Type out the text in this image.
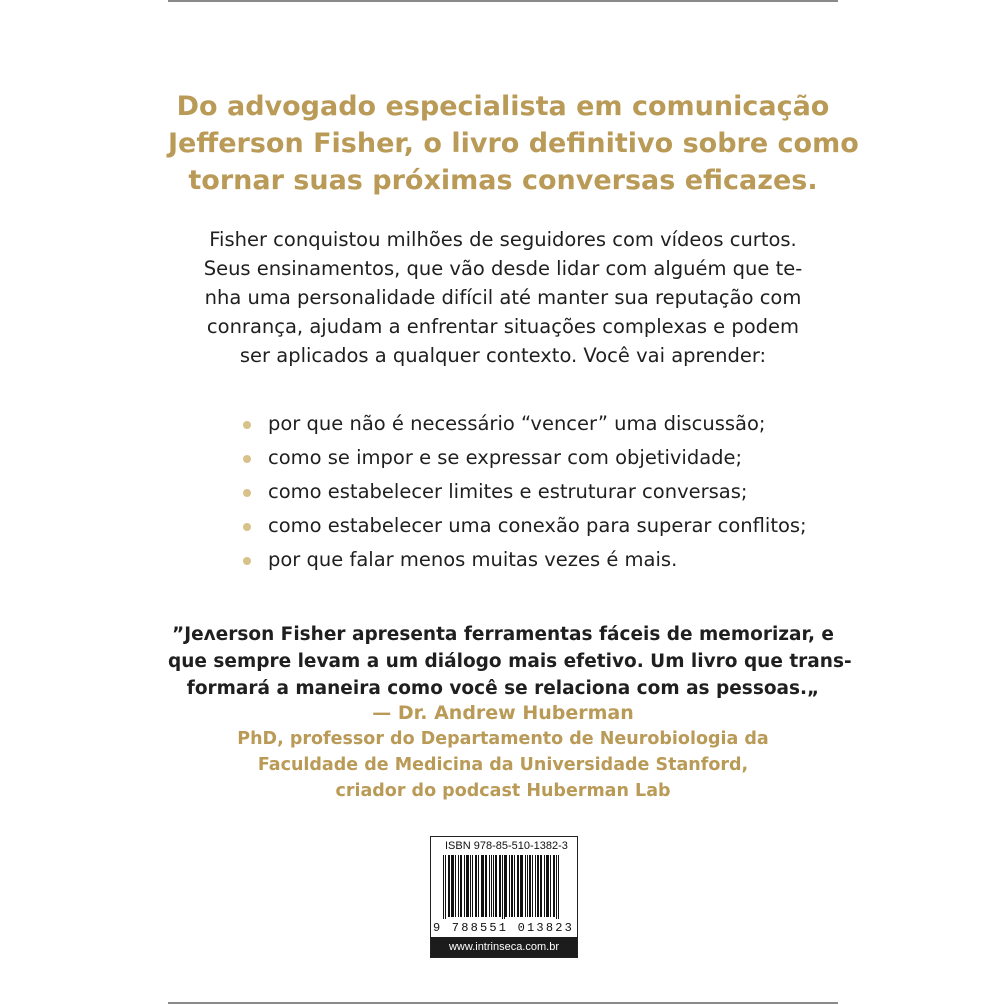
Do advogado especialista em comunicação
Jefferson Fisher, o livro definitivo sobre como
tornar suas próximas conversas eficazes.
Fisher conquistou milhões de seguidores com vídeos curtos.
Seus ensinamentos, que vão desde lidar com alguém que te-
nha uma personalidade difícil até manter sua reputação com
conrança, ajudam a enfrentar situações complexas e podem
ser aplicados a qualquer contexto. Você vai aprender:
por que não é necessário “vencer” uma discussão;
como se impor e se expressar com objetividade;
como estabelecer limites e estruturar conversas;
como estabelecer uma conexão para superar conflitos;
por que falar menos muitas vezes é mais.
”Jeʌerson Fisher apresenta ferramentas fáceis de memorizar, e
que sempre levam a um diálogo mais efetivo. Um livro que trans-
formará a maneira como você se relaciona com as pessoas.„
— Dr. Andrew Huberman
PhD, professor do Departamento de Neurobiologia da
Faculdade de Medicina da Universidade Stanford,
criador do podcast Huberman Lab
ISBN 978-85-510-1382-3
9 788551 013823
www.intrinseca.com.br
